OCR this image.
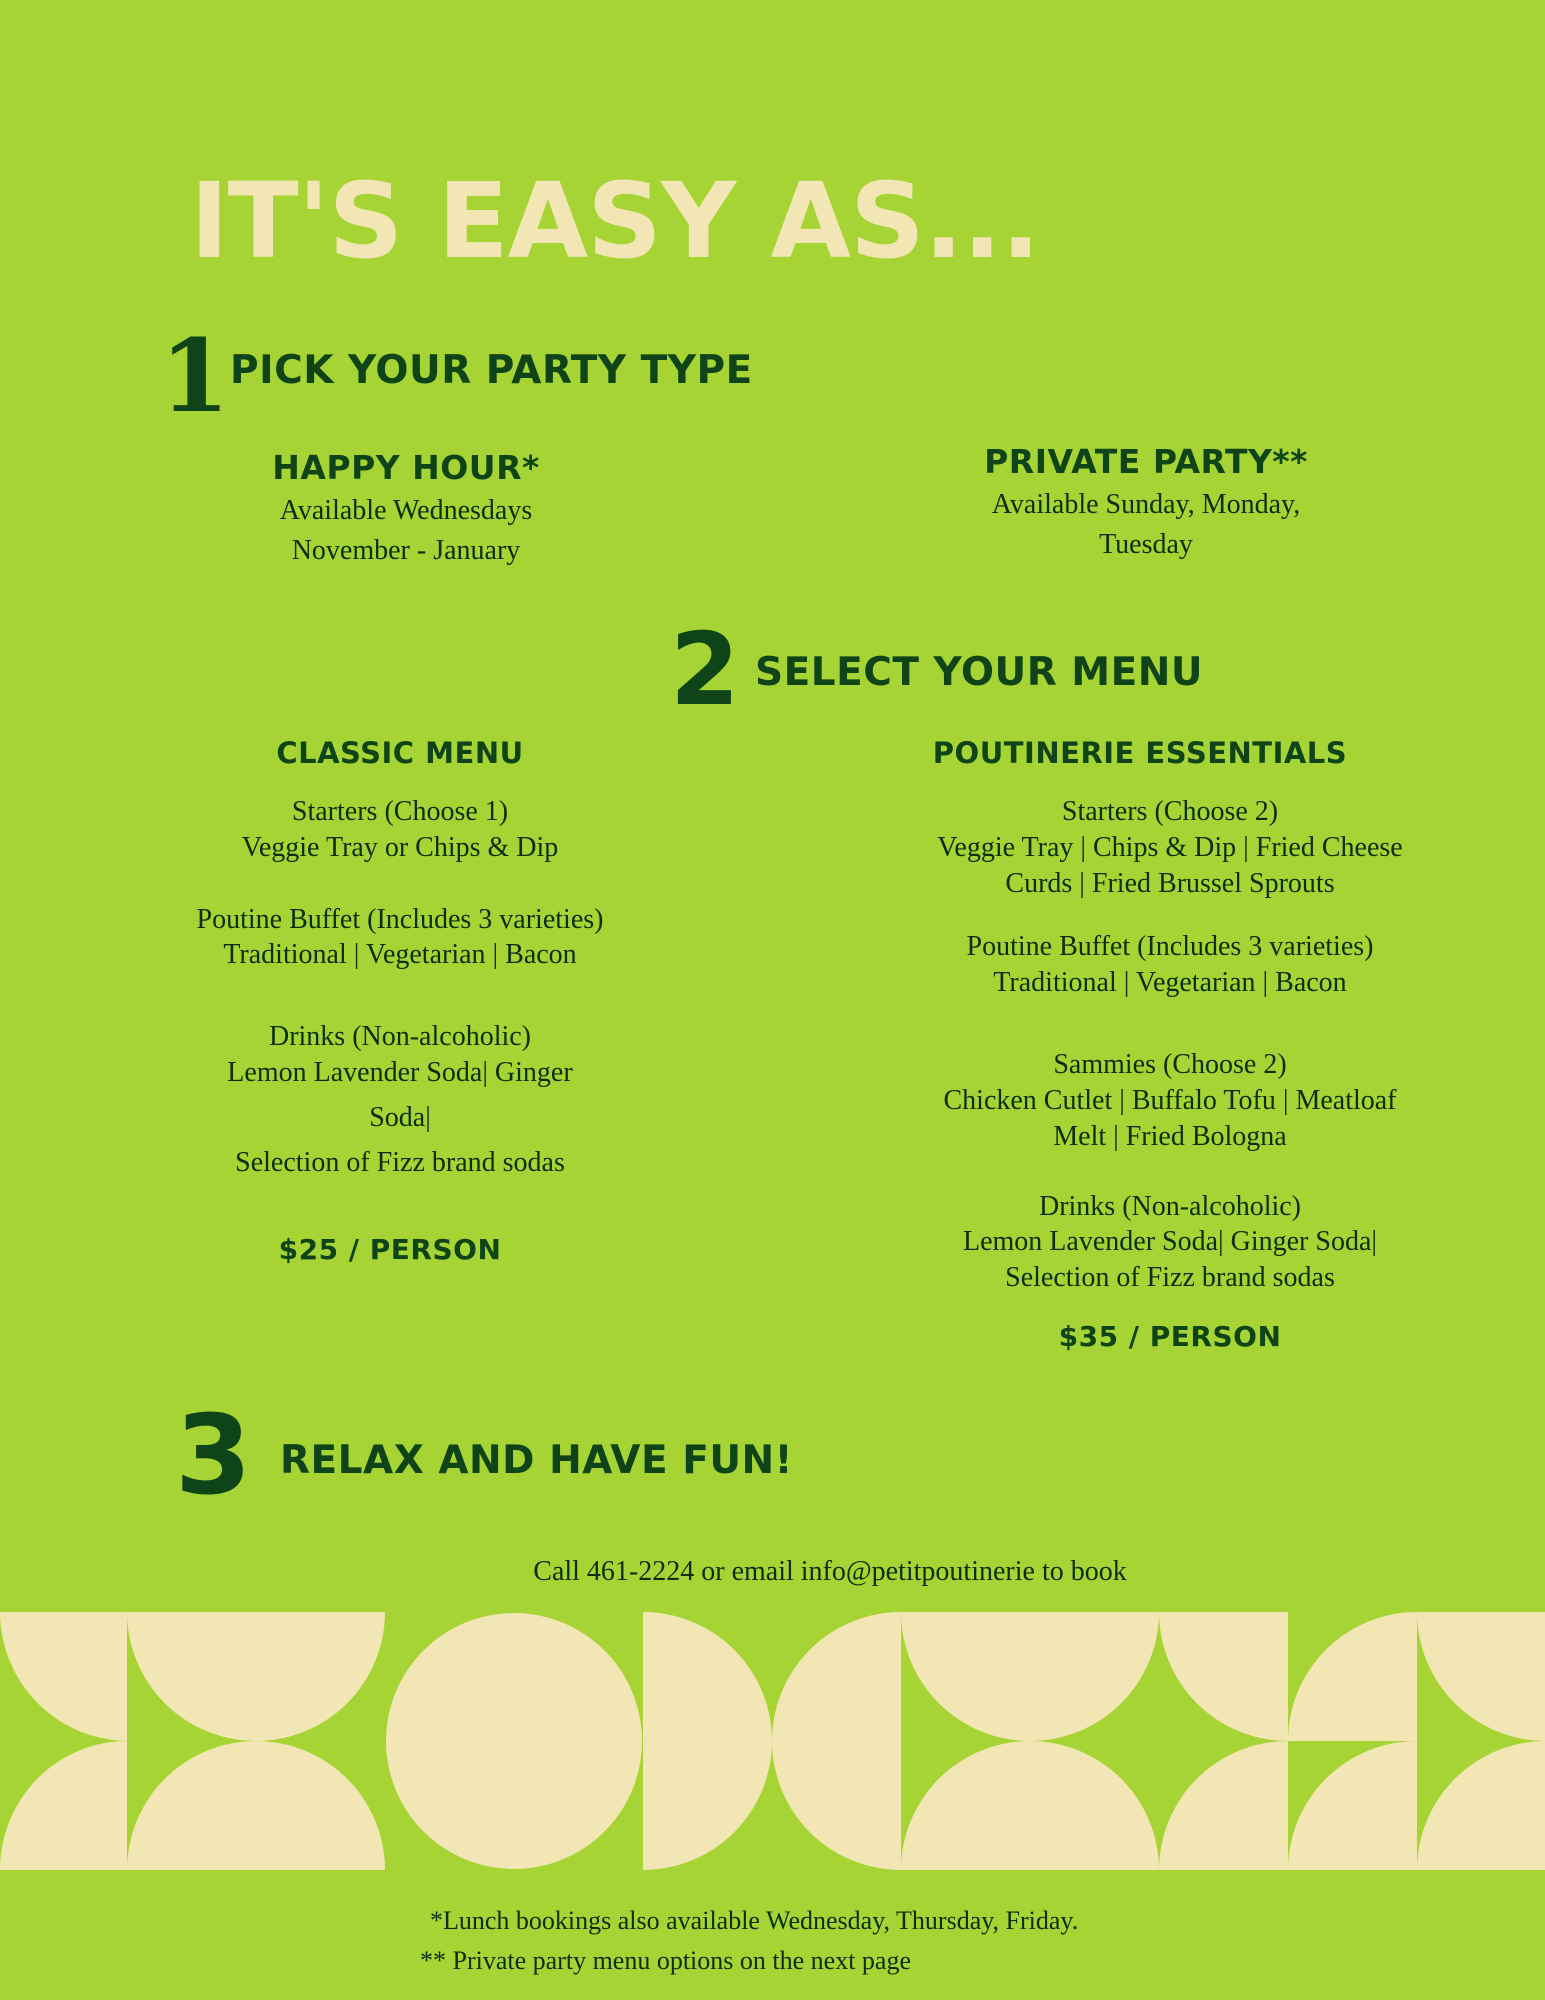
IT'S EASY AS...
1 PICK YOUR PARTY TYPE
HAPPY HOUR*
Available Wednesdays
November - January
PRIVATE PARTY**
Available Sunday, Monday,
Tuesday
2 SELECT YOUR MENU
CLASSIC MENU
Starters (Choose 1)
Veggie Tray or Chips & Dip
Poutine Buffet (Includes 3 varieties)
Traditional | Vegetarian | Bacon
Drinks (Non-alcoholic)
Lemon Lavender Soda| Ginger
Soda|
Selection of Fizz brand sodas
$25 / PERSON
POUTINERIE ESSENTIALS
Starters (Choose 2)
Veggie Tray | Chips & Dip | Fried Cheese
Curds | Fried Brussel Sprouts
Poutine Buffet (Includes 3 varieties)
Traditional | Vegetarian | Bacon
Sammies (Choose 2)
Chicken Cutlet | Buffalo Tofu | Meatloaf
Melt | Fried Bologna
Drinks (Non-alcoholic)
Lemon Lavender Soda| Ginger Soda|
Selection of Fizz brand sodas
$35 / PERSON
3 RELAX AND HAVE FUN!
Call 461-2224 or email info@petitpoutinerie to book
*Lunch bookings also available Wednesday, Thursday, Friday.
** Private party menu options on the next page
